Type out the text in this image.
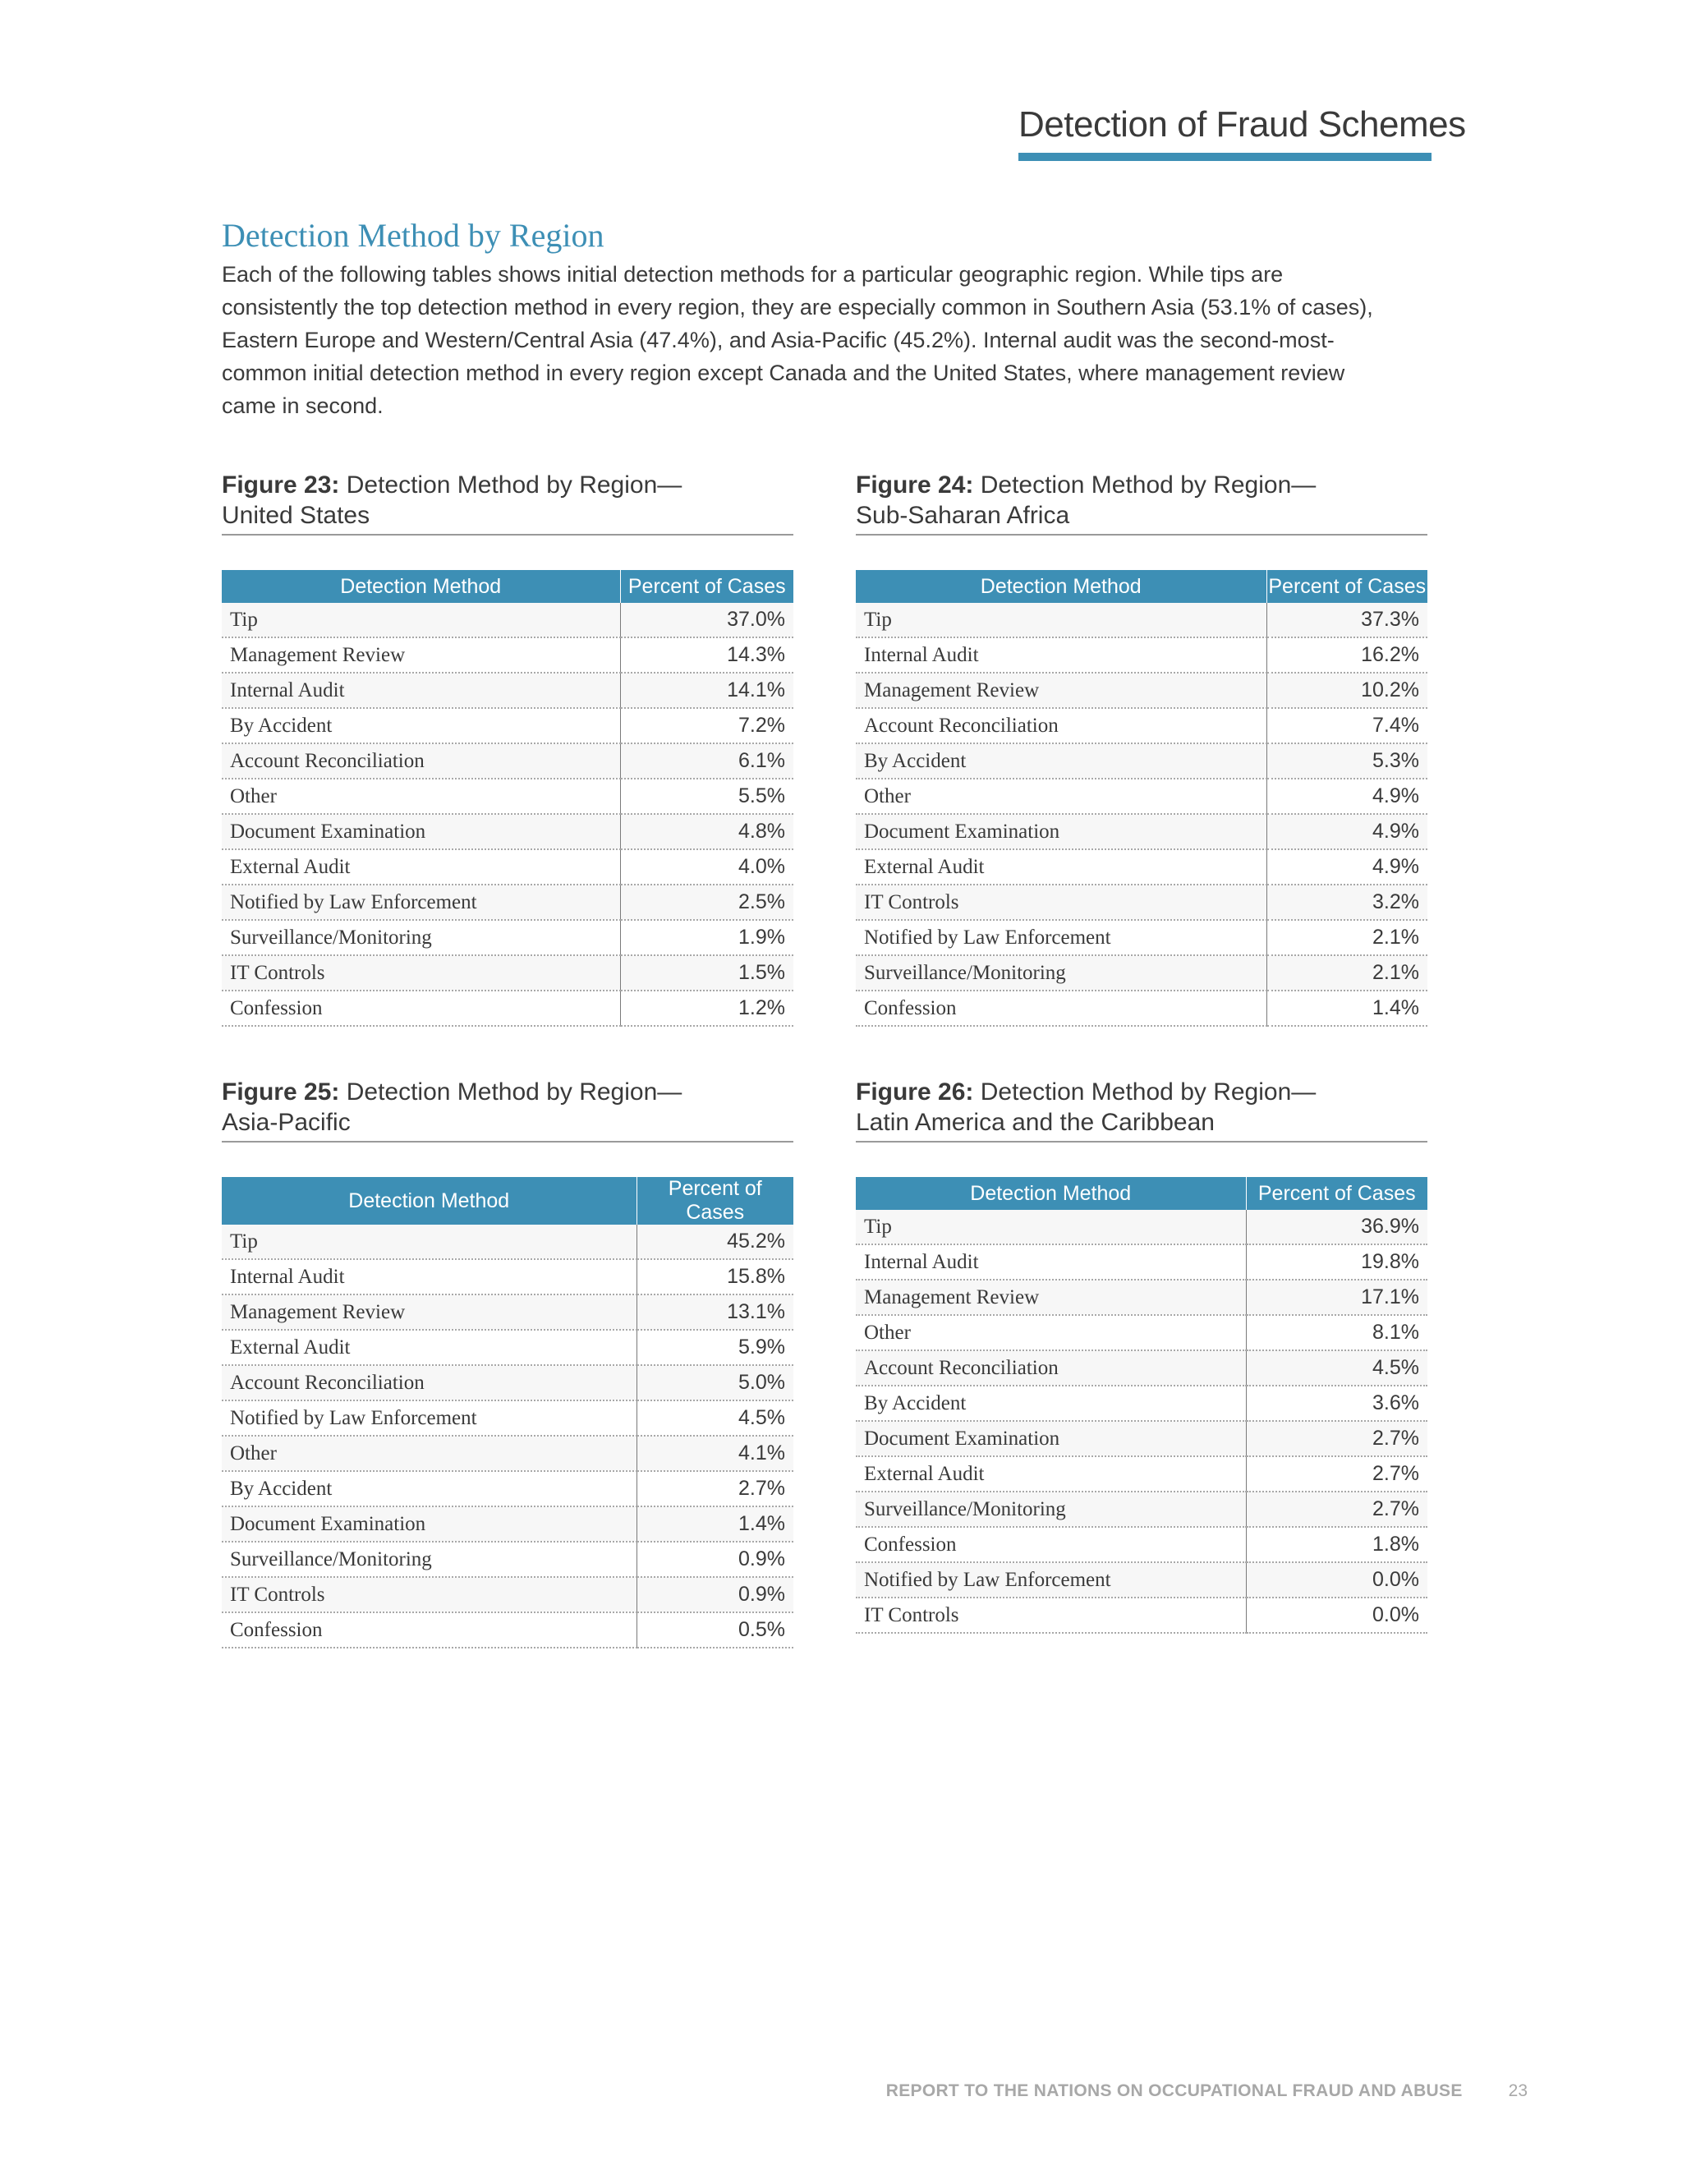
Detection of Fraud Schemes
Detection Method by Region
Each of the following tables shows initial detection methods for a particular geographic region. While tips are consistently the top detection method in every region, they are especially common in Southern Asia (53.1% of cases), Eastern Europe and Western/Central Asia (47.4%), and Asia-Pacific (45.2%). Internal audit was the second-most-common initial detection method in every region except Canada and the United States, where management review came in second.
Figure 23: Detection Method by Region—
United States
Detection Method	Percent of Cases
Tip	37.0%
Management Review	14.3%
Internal Audit	14.1%
By Accident	7.2%
Account Reconciliation	6.1%
Other	5.5%
Document Examination	4.8%
External Audit	4.0%
Notified by Law Enforcement	2.5%
Surveillance/Monitoring	1.9%
IT Controls	1.5%
Confession	1.2%
Figure 24: Detection Method by Region—
Sub-Saharan Africa
Detection Method	Percent of Cases
Tip	37.3%
Internal Audit	16.2%
Management Review	10.2%
Account Reconciliation	7.4%
By Accident	5.3%
Other	4.9%
Document Examination	4.9%
External Audit	4.9%
IT Controls	3.2%
Notified by Law Enforcement	2.1%
Surveillance/Monitoring	2.1%
Confession	1.4%
Figure 25: Detection Method by Region—
Asia-Pacific
Detection Method	Percent of Cases
Tip	45.2%
Internal Audit	15.8%
Management Review	13.1%
External Audit	5.9%
Account Reconciliation	5.0%
Notified by Law Enforcement	4.5%
Other	4.1%
By Accident	2.7%
Document Examination	1.4%
Surveillance/Monitoring	0.9%
IT Controls	0.9%
Confession	0.5%
Figure 26: Detection Method by Region—
Latin America and the Caribbean
Detection Method	Percent of Cases
Tip	36.9%
Internal Audit	19.8%
Management Review	17.1%
Other	8.1%
Account Reconciliation	4.5%
By Accident	3.6%
Document Examination	2.7%
External Audit	2.7%
Surveillance/Monitoring	2.7%
Confession	1.8%
Notified by Law Enforcement	0.0%
IT Controls	0.0%
REPORT TO THE NATIONS ON OCCUPATIONAL FRAUD AND ABUSE	23
